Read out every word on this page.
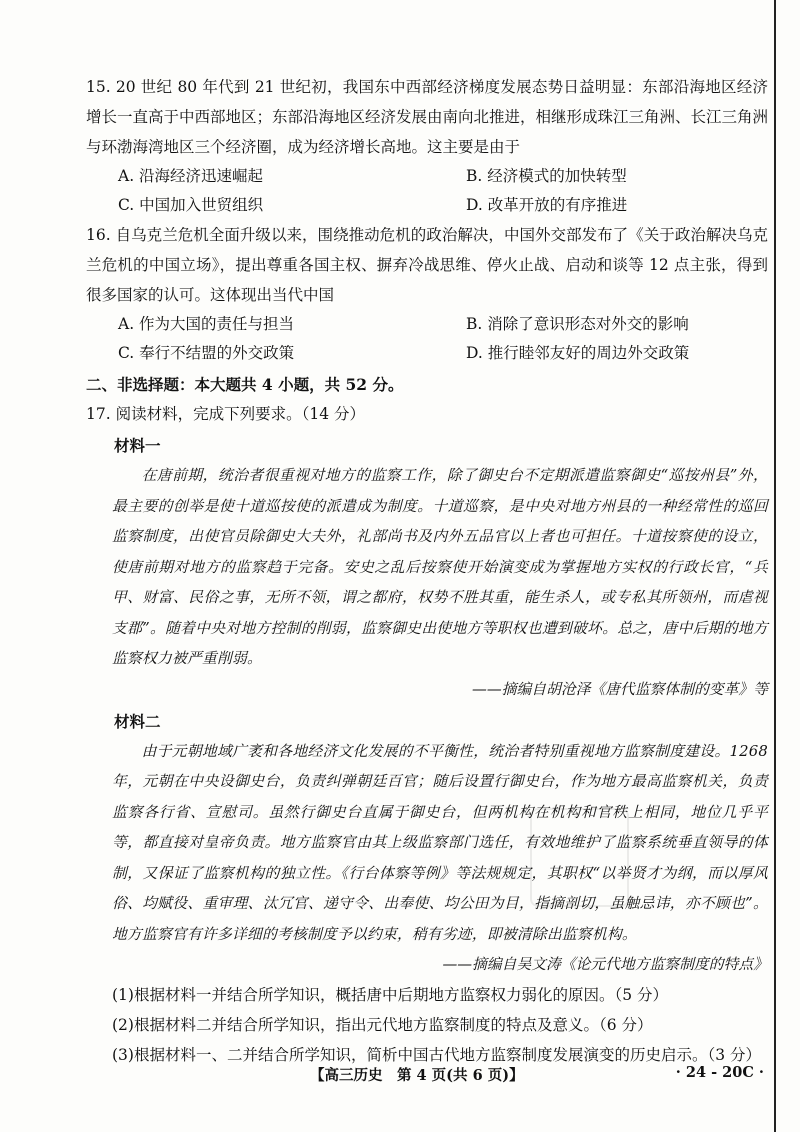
15. 20 世纪 80 年代到 21 世纪初，我国东中西部经济梯度发展态势日益明显：东部沿海地区经济增长一直高于中西部地区；东部沿海地区经济发展由南向北推进，相继形成珠江三角洲、长江三角洲与环渤海湾地区三个经济圈，成为经济增长高地。这主要是由于

A. 沿海经济迅速崛起	B. 经济模式的加快转型
C. 中国加入世贸组织	D. 改革开放的有序推进

16. 自乌克兰危机全面升级以来，围绕推动危机的政治解决，中国外交部发布了《关于政治解决乌克兰危机的中国立场》，提出尊重各国主权、摒弃冷战思维、停火止战、启动和谈等 12 点主张，得到很多国家的认可。这体现出当代中国

A. 作为大国的责任与担当	B. 消除了意识形态对外交的影响
C. 奉行不结盟的外交政策	D. 推行睦邻友好的周边外交政策

二、非选择题：本大题共 4 小题，共 52 分。

17. 阅读材料，完成下列要求。（14 分）

材料一

在唐前期，统治者很重视对地方的监察工作，除了御史台不定期派遣监察御史“巡按州县”外，最主要的创举是使十道巡按使的派遣成为制度。十道巡察，是中央对地方州县的一种经常性的巡回监察制度，出使官员除御史大夫外，礼部尚书及内外五品官以上者也可担任。十道按察使的设立，使唐前期对地方的监察趋于完备。安史之乱后按察使开始演变成为掌握地方实权的行政长官，“兵甲、财富、民俗之事，无所不领，谓之都府，权势不胜其重，能生杀人，或专私其所领州，而虐视支郡”。随着中央对地方控制的削弱，监察御史出使地方等职权也遭到破坏。总之，唐中后期的地方监察权力被严重削弱。

——摘编自胡沧泽《唐代监察体制的变革》等

材料二

由于元朝地域广袤和各地经济文化发展的不平衡性，统治者特别重视地方监察制度建设。1268 年，元朝在中央设御史台，负责纠弹朝廷百官；随后设置行御史台，作为地方最高监察机关，负责监察各行省、宣慰司。虽然行御史台直属于御史台，但两机构在机构和官秩上相同，地位几乎平等，都直接对皇帝负责。地方监察官由其上级监察部门选任，有效地维护了监察系统垂直领导的体制，又保证了监察机构的独立性。《行台体察等例》等法规规定，其职权“以举贤才为纲，而以厚风俗、均赋役、重审理、汰冗官、递守令、出奉使、均公田为目，指摘剖切，虽触忌讳，亦不顾也”。地方监察官有许多详细的考核制度予以约束，稍有劣迹，即被清除出监察机构。

——摘编自吴文涛《论元代地方监察制度的特点》

(1)根据材料一并结合所学知识，概括唐中后期地方监察权力弱化的原因。（5 分）

(2)根据材料二并结合所学知识，指出元代地方监察制度的特点及意义。（6 分）

(3)根据材料一、二并结合所学知识，简析中国古代地方监察制度发展演变的历史启示。（3 分）

【高三历史　第 4 页(共 6 页)】	· 24 - 20C ·
